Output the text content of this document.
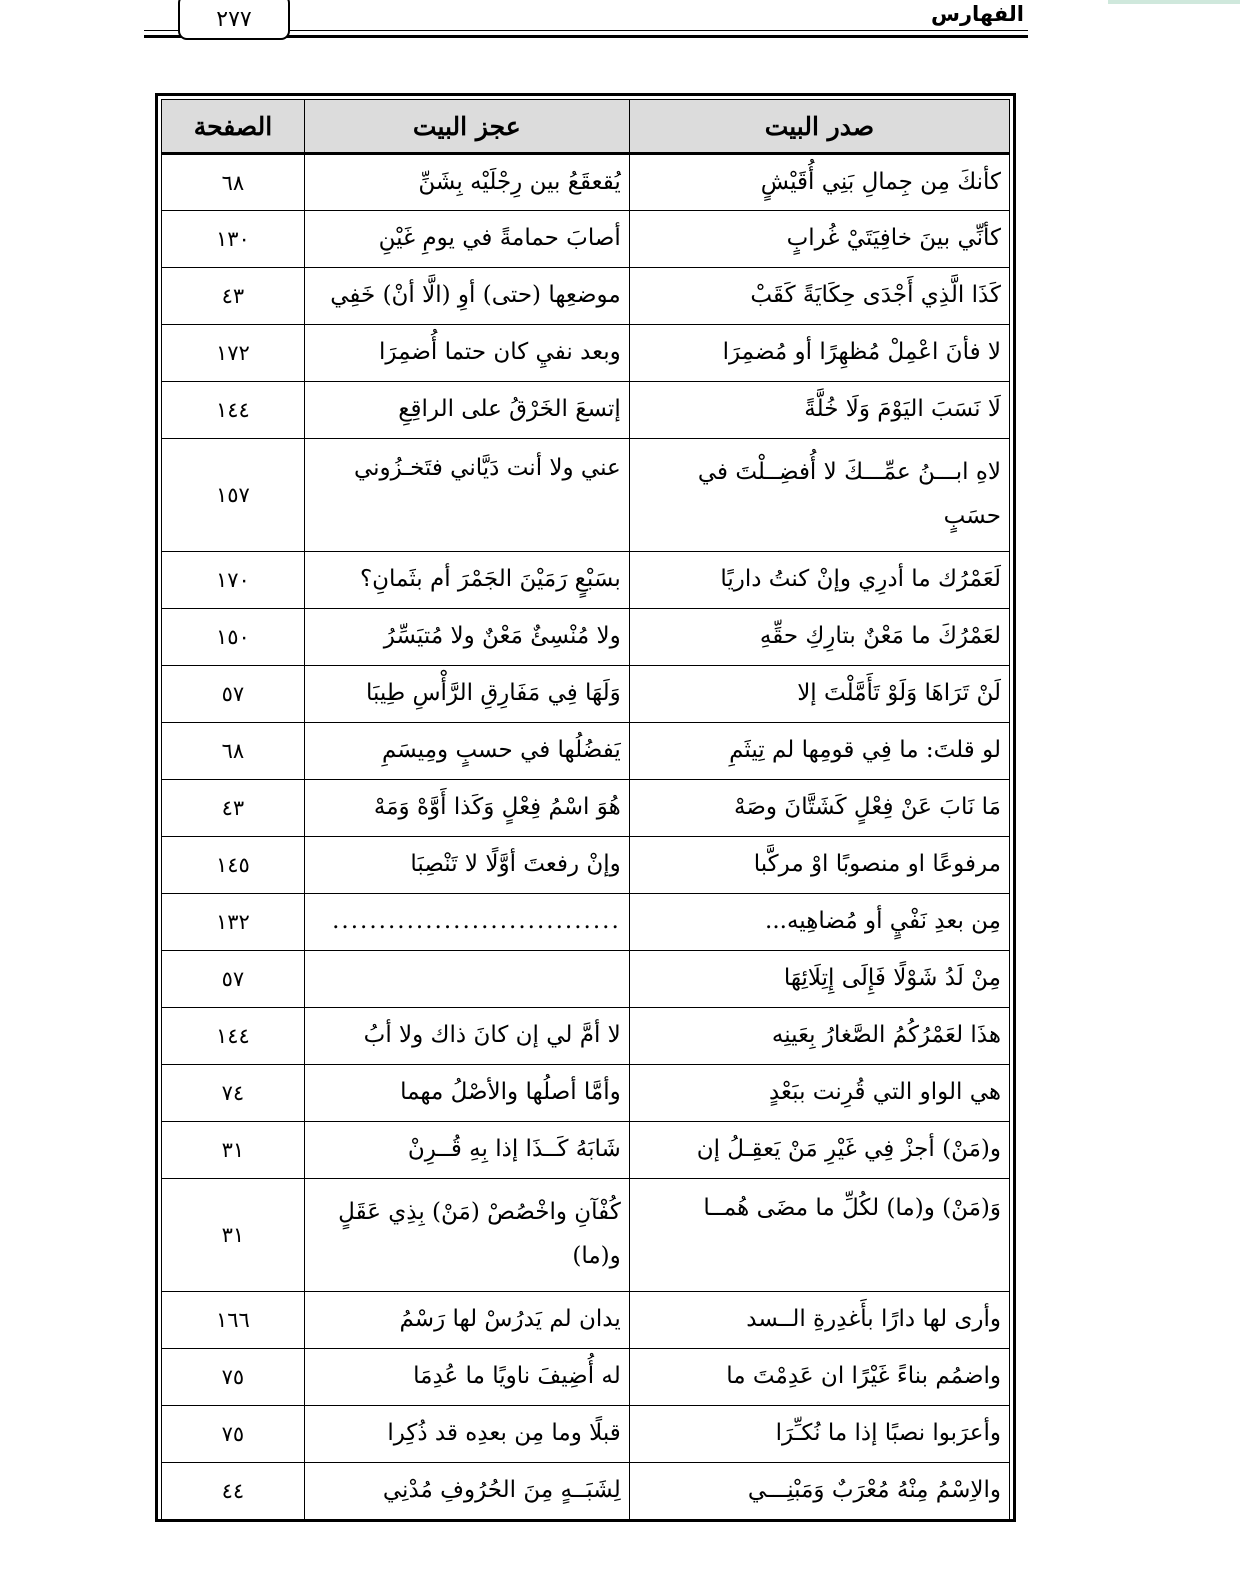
٢٧٧	الفهارس
صدر البيت	عجز البيت	الصفحة
كأنكَ مِن جِمالِ بَنِي أُقَيْشٍ	يُقعقَعُ بين رِجْلَيْه بِشَنِّ	٦٨
كأنِّي بينَ خافِيَتَيْ غُرابٍ	أصابَ حمامةً في يومِ غَيْنِ	١٣٠
كَذَا الَّذِي أَجْدَى حِكَايَةً كَقَبْ	موضعِها (حتى) أوِ (الَّا أنْ) خَفِي	٤٣
لا فأنَ اعْمِلْ مُظهِرًا أو مُضمِرَا	وبعد نفيِ كان حتما أُضمِرَا	١٧٢
لَا نَسَبَ اليَوْمَ وَلَا خُلَّةً	إتسعَ الخَرْقُ على الراقِعِ	١٤٤
لاهِ ابـــنُ عمِّـــكَ لا أُفضِــلْتَ في حسَبٍ	عني ولا أنت دَيَّاني فتَخـزُوني	١٥٧
لَعَمْرُك ما أدرِي وإنْ كنتُ داريًا	بسَبْعٍ رَمَيْنَ الجَمْرَ أم بثَمانِ؟	١٧٠
لعَمْرُكَ ما مَعْنٌ بتارِكِ حقِّهِ	ولا مُنْسِئٌ مَعْنٌ ولا مُتيَسِّرُ	١٥٠
لَنْ تَرَاهَا وَلَوْ تَأَمَّلْتَ إلا	وَلَهَا فِي مَفَارِقِ الرَّأْسِ طِيبَا	٥٧
لو قلتَ: ما فِي قومِها لم تِيثَمِ	يَفضُلُها في حسبٍ ومِيسَمِ	٦٨
مَا نَابَ عَنْ فِعْلٍ كَشَتَّانَ وصَهْ	هُوَ اسْمُ فِعْلٍ وَكَذا أَوَّهْ وَمَهْ	٤٣
مرفوعًا او منصوبًا اوْ مركَّبا	وإنْ رفعتَ أوَّلًا لا تَنْصِبَا	١٤٥
مِن بعدِ نَفْيٍ أو مُضاهِيه...	...............................	١٣٢
مِنْ لَدُ شَوْلًا فَإِلَى إِتِلَائِهَا		٥٧
هذَا لعَمْرُكُمُ الصَّغارُ بِعَينِه	لا أمَّ لي إن كانَ ذاك ولا أبُ	١٤٤
هي الواو التي قُرِنت ببَعْدٍ	وأمَّا أصلُها والأصْلُ مهما	٧٤
و(مَنْ) أجزْ فِي غَيْرِ مَنْ يَعقِـلُ إن	شَابَهُ كَــذَا إذا بِهِ قُــرِنْ	٣١
وَ(مَنْ) و(ما) لكُلِّ ما مضَى هُمــا	كُفْآنِ واخْصُصْ (مَنْ) بِذِي عَقَلٍ و(ما)	٣١
وأرى لها دارًا بأَغدِرةِ الــسد	يدان لم يَدرُسْ لها رَسْمُ	١٦٦
واضمُم بناءً غَيْرًا ان عَدِمْتَ ما	له أُضِيفَ ناويًا ما عُدِمَا	٧٥
وأعرَبوا نصبًا إذا ما نُكـِّرَا	قبلًا وما مِن بعدِه قد ذُكِرا	٧٥
والاِسْمُ مِنْهُ مُعْرَبٌ وَمَبْنِـــي	لِشَبَــهٍ مِنَ الحُرُوفِ مُدْنِي	٤٤
